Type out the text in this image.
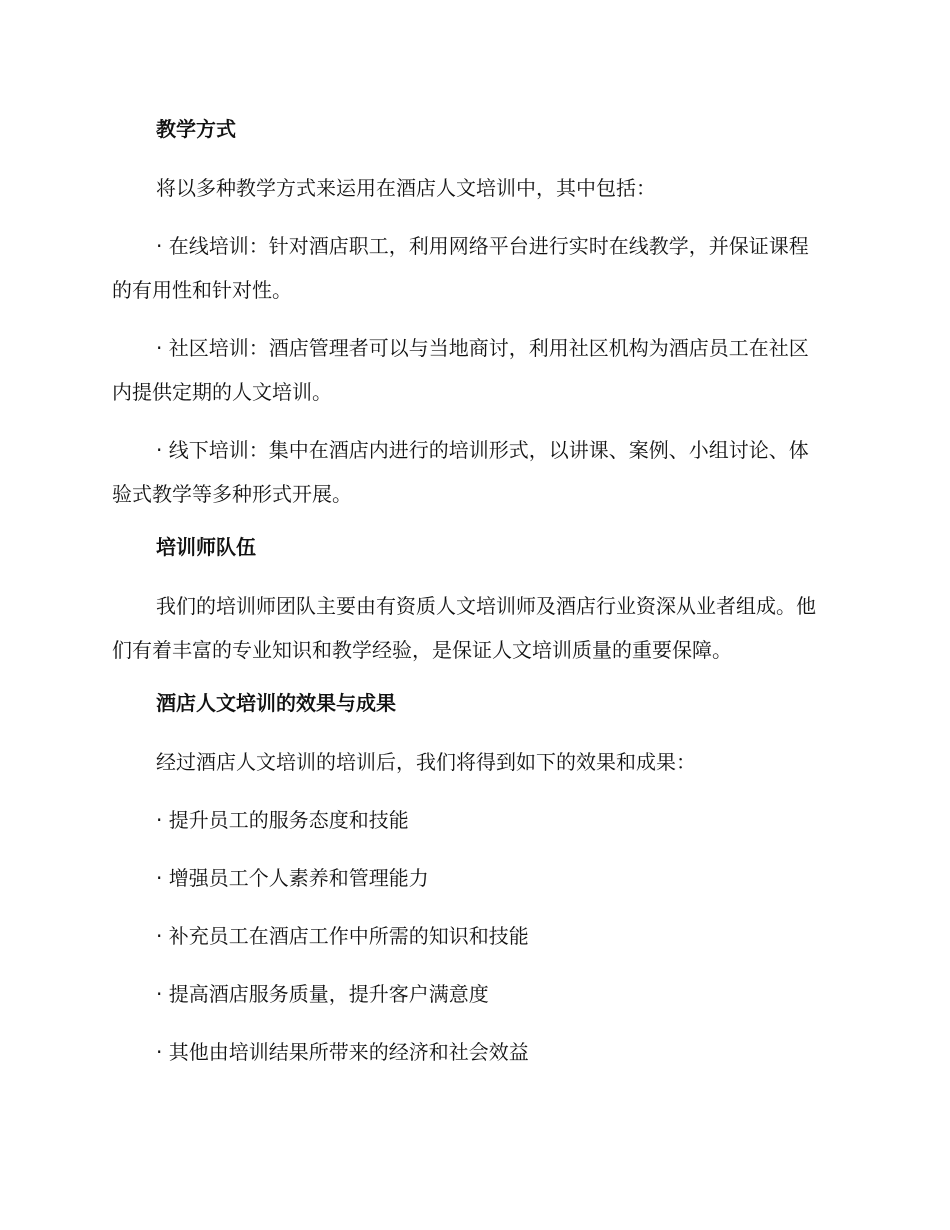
教学方式

将以多种教学方式来运用在酒店人文培训中，其中包括：

· 在线培训：针对酒店职工，利用网络平台进行实时在线教学，并保证课程的有用性和针对性。

· 社区培训：酒店管理者可以与当地商讨，利用社区机构为酒店员工在社区内提供定期的人文培训。

· 线下培训：集中在酒店内进行的培训形式，以讲课、案例、小组讨论、体验式教学等多种形式开展。

培训师队伍

我们的培训师团队主要由有资质人文培训师及酒店行业资深从业者组成。他们有着丰富的专业知识和教学经验，是保证人文培训质量的重要保障。

酒店人文培训的效果与成果

经过酒店人文培训的培训后，我们将得到如下的效果和成果：

· 提升员工的服务态度和技能

· 增强员工个人素养和管理能力

· 补充员工在酒店工作中所需的知识和技能

· 提高酒店服务质量，提升客户满意度

· 其他由培训结果所带来的经济和社会效益
